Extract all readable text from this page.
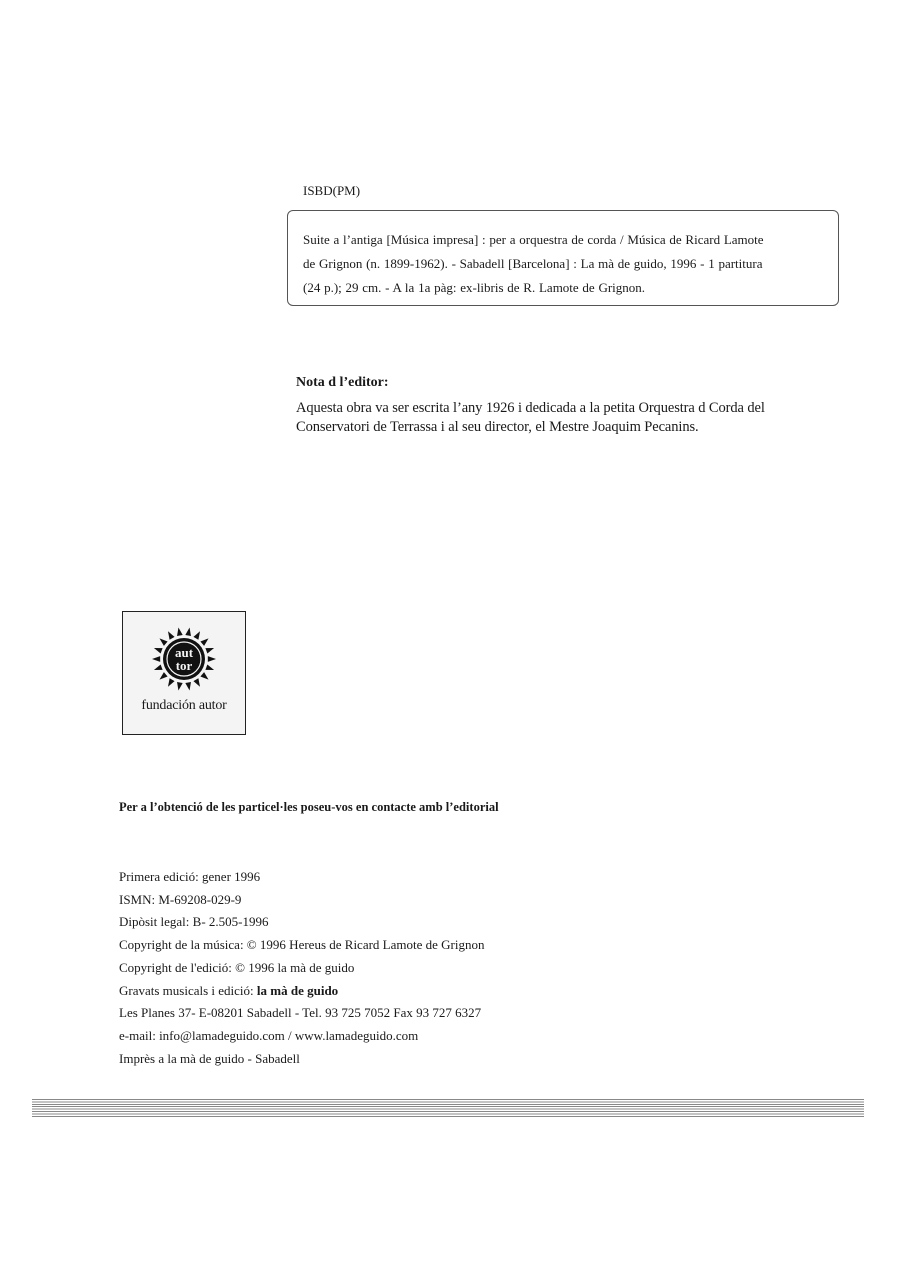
ISBD(PM)
Suite a l’antiga [Música impresa] : per a orquestra de corda / Música de Ricard Lamote
de Grignon (n. 1899-1962). - Sabadell [Barcelona] : La mà de guido, 1996 - 1 partitura
(24 p.); 29 cm. - A la 1a pàg: ex-libris de R. Lamote de Grignon.
Nota d l’editor:
Aquesta obra va ser escrita l’any 1926 i dedicada a la petita Orquestra d Corda del
Conservatori de Terrassa i al seu director, el Mestre Joaquim Pecanins.
aut
tor
fundación autor
Per a l’obtenció de les particel·les poseu-vos en contacte amb l’editorial
Primera edició: gener 1996
ISMN: M-69208-029-9
Dipòsit legal: B- 2.505-1996
Copyright de la música: © 1996 Hereus de Ricard Lamote de Grignon
Copyright de l'edició: © 1996 la mà de guido
Gravats musicals i edició: la mà de guido
Les Planes 37- E-08201 Sabadell - Tel. 93 725 7052 Fax 93 727 6327
e-mail: info@lamadeguido.com / www.lamadeguido.com
Imprès a la mà de guido - Sabadell
